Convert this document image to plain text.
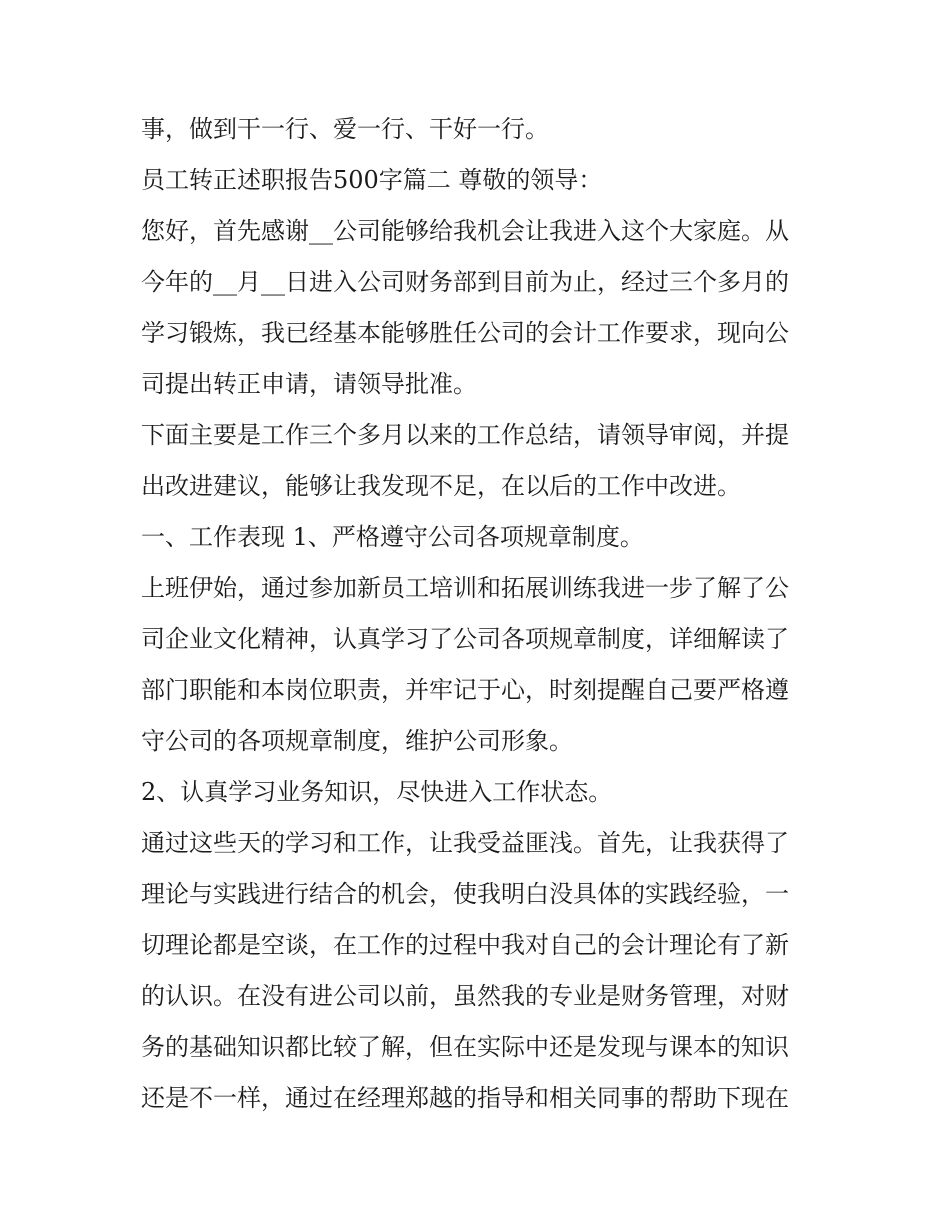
事，做到干一行、爱一行、干好一行。
员工转正述职报告500字篇二 尊敬的领导：
您好，首先感谢__公司能够给我机会让我进入这个大家庭。从
今年的__月__日进入公司财务部到目前为止，经过三个多月的
学习锻炼，我已经基本能够胜任公司的会计工作要求，现向公
司提出转正申请，请领导批准。
下面主要是工作三个多月以来的工作总结，请领导审阅，并提
出改进建议，能够让我发现不足，在以后的工作中改进。
一、工作表现 1、严格遵守公司各项规章制度。
上班伊始，通过参加新员工培训和拓展训练我进一步了解了公
司企业文化精神，认真学习了公司各项规章制度，详细解读了
部门职能和本岗位职责，并牢记于心，时刻提醒自己要严格遵
守公司的各项规章制度，维护公司形象。
2、认真学习业务知识，尽快进入工作状态。
通过这些天的学习和工作，让我受益匪浅。首先，让我获得了
理论与实践进行结合的机会，使我明白没具体的实践经验，一
切理论都是空谈，在工作的过程中我对自己的会计理论有了新
的认识。在没有进公司以前，虽然我的专业是财务管理，对财
务的基础知识都比较了解，但在实际中还是发现与课本的知识
还是不一样，通过在经理郑越的指导和相关同事的帮助下现在
